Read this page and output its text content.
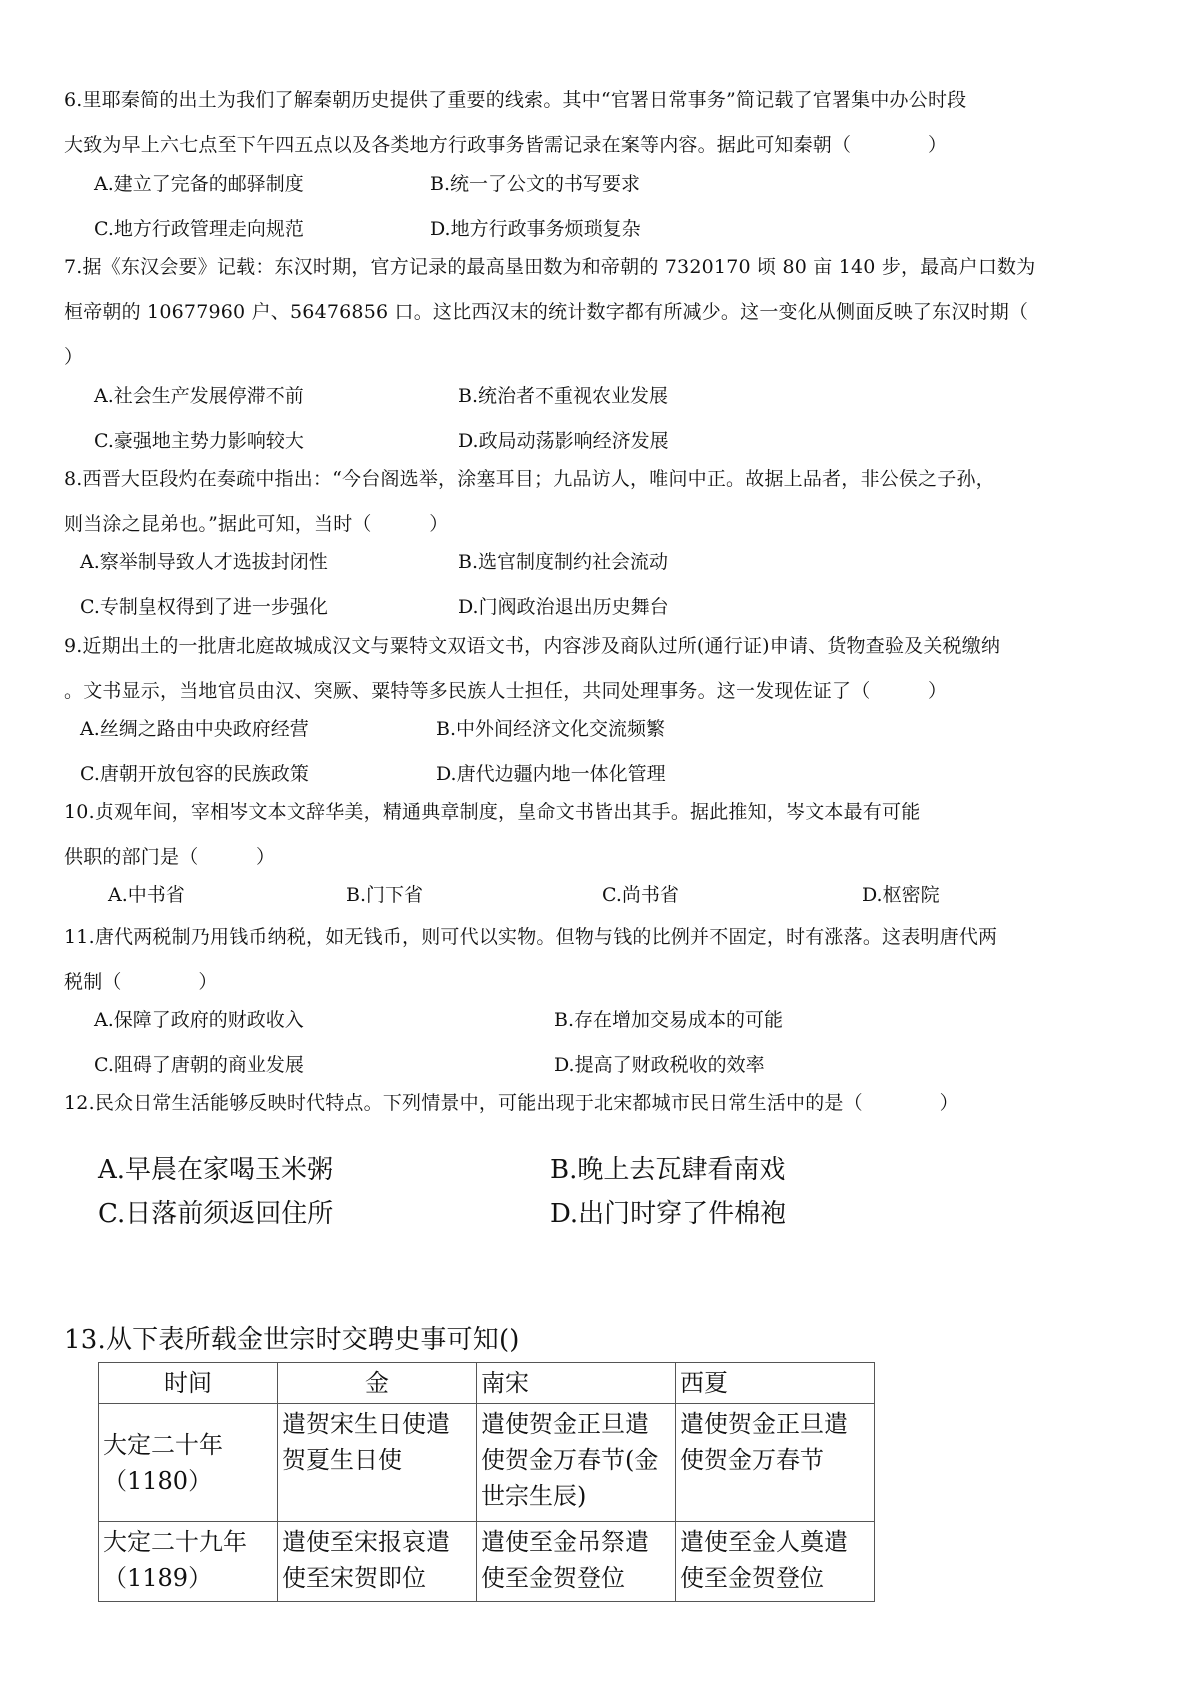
6.里耶秦简的出土为我们了解秦朝历史提供了重要的线索。其中“官署日常事务”简记载了官署集中办公时段

大致为早上六七点至下午四五点以及各类地方行政事务皆需记录在案等内容。据此可知秦朝（　　　　）

A.建立了完备的邮驿制度	B.统一了公文的书写要求
C.地方行政管理走向规范	D.地方行政事务烦琐复杂

7.据《东汉会要》记载：东汉时期，官方记录的最高垦田数为和帝朝的 7320170 顷 80 亩 140 步，最高户口数为

桓帝朝的 10677960 户、56476856 口。这比西汉末的统计数字都有所减少。这一变化从侧面反映了东汉时期（

）

A.社会生产发展停滞不前	B.统治者不重视农业发展
C.豪强地主势力影响较大	D.政局动荡影响经济发展

8.西晋大臣段灼在奏疏中指出：“今台阁选举，涂塞耳目；九品访人，唯问中正。故据上品者，非公侯之子孙，

则当涂之昆弟也。”据此可知，当时（　　　）

A.察举制导致人才选拔封闭性	B.选官制度制约社会流动
C.专制皇权得到了进一步强化	D.门阀政治退出历史舞台

9.近期出土的一批唐北庭故城成汉文与粟特文双语文书，内容涉及商队过所(通行证)申请、货物查验及关税缴纳

。文书显示，当地官员由汉、突厥、粟特等多民族人士担任，共同处理事务。这一发现佐证了（　　　）

A.丝绸之路由中央政府经营	B.中外间经济文化交流频繁
C.唐朝开放包容的民族政策	D.唐代边疆内地一体化管理

10.贞观年间，宰相岑文本文辞华美，精通典章制度，皇命文书皆出其手。据此推知，岑文本最有可能

供职的部门是（　　　）

A.中书省	B.门下省	C.尚书省	D.枢密院

11.唐代两税制乃用钱币纳税，如无钱币，则可代以实物。但物与钱的比例并不固定，时有涨落。这表明唐代两

税制（　　　　）

A.保障了政府的财政收入	B.存在增加交易成本的可能
C.阻碍了唐朝的商业发展	D.提高了财政税收的效率

12.民众日常生活能够反映时代特点。下列情景中，可能出现于北宋都城市民日常生活中的是（　　　　）

A.早晨在家喝玉米粥	B.晚上去瓦肆看南戏
C.日落前须返回住所	D.出门时穿了件棉袍

13.从下表所载金世宗时交聘史事可知()

时间	金	南宋	西夏
大定二十年（1180）	遣贺宋生日使遣贺夏生日使	遣使贺金正旦遣使贺金万春节(金世宗生辰)	遣使贺金正旦遣使贺金万春节
大定二十九年（1189）	遣使至宋报哀遣使至宋贺即位	遣使至金吊祭遣使至金贺登位	遣使至金人奠遣使至金贺登位
